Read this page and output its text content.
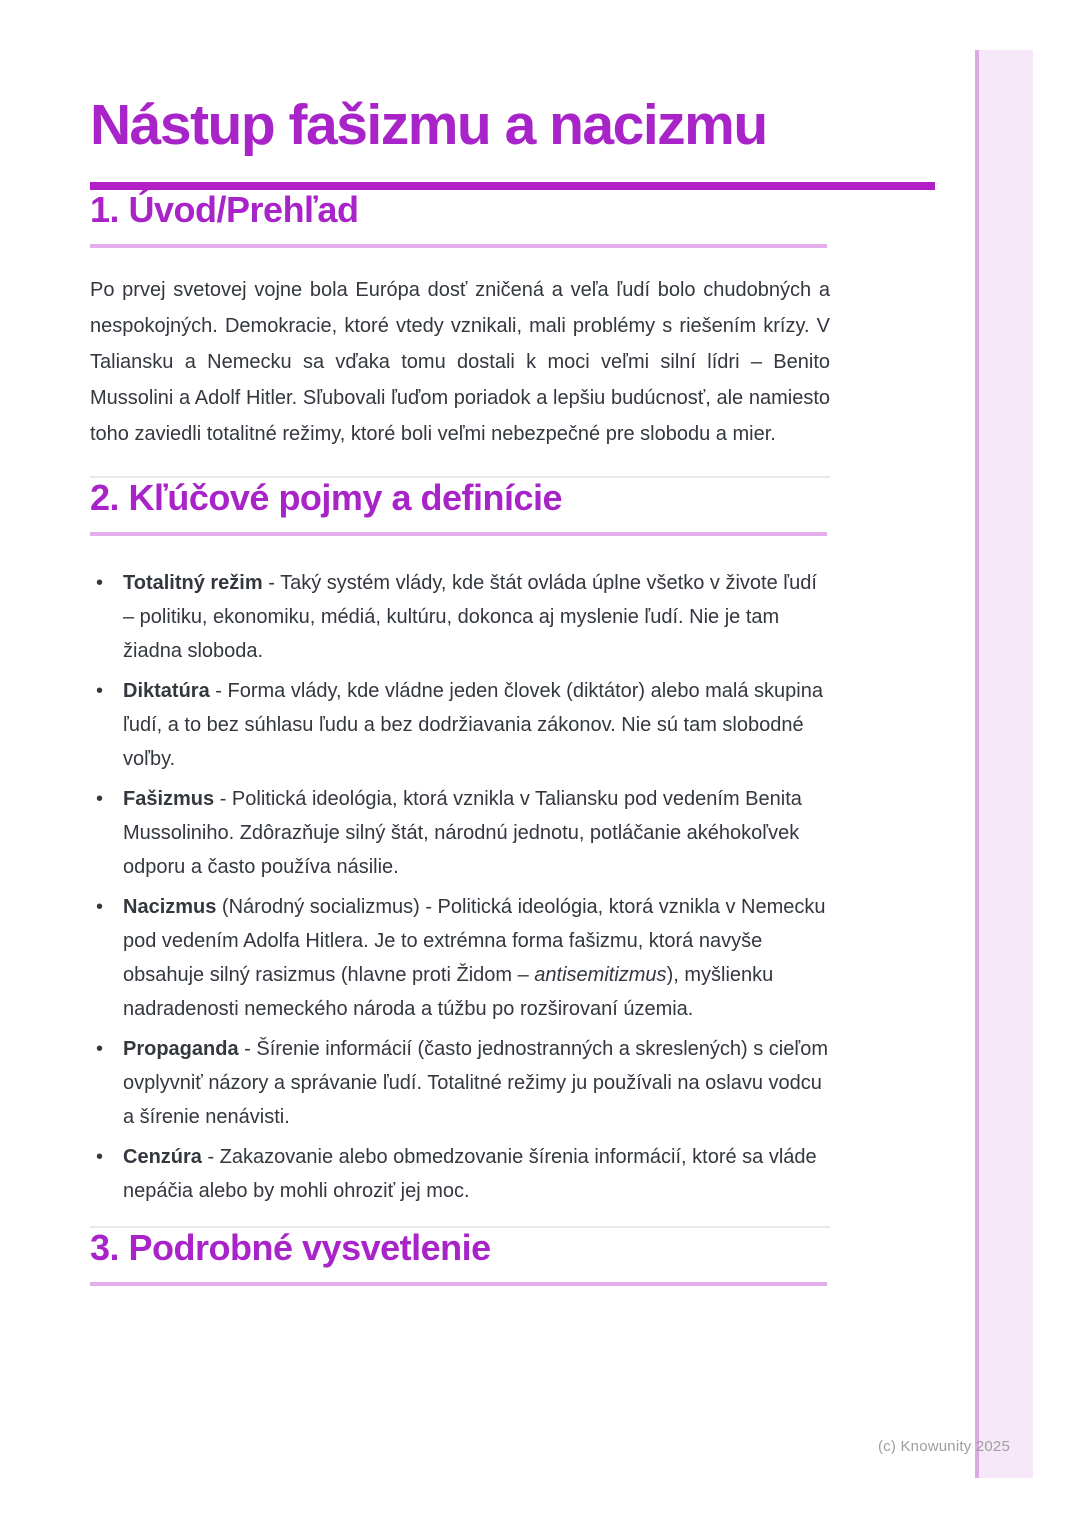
Nástup fašizmu a nacizmu
1. Úvod/Prehľad

Po prvej svetovej vojne bola Európa dosť zničená a veľa ľudí bolo chudobných a nespokojných. Demokracie, ktoré vtedy vznikali, mali problémy s riešením krízy. V Taliansku a Nemecku sa vďaka tomu dostali k moci veľmi silní lídri – Benito Mussolini a Adolf Hitler. Sľubovali ľuďom poriadok a lepšiu budúcnosť, ale namiesto toho zaviedli totalitné režimy, ktoré boli veľmi nebezpečné pre slobodu a mier.

2. Kľúčové pojmy a definície
• Totalitný režim - Taký systém vlády, kde štát ovláda úplne všetko v živote ľudí – politiku, ekonomiku, médiá, kultúru, dokonca aj myslenie ľudí. Nie je tam žiadna sloboda.
• Diktatúra - Forma vlády, kde vládne jeden človek (diktátor) alebo malá skupina ľudí, a to bez súhlasu ľudu a bez dodržiavania zákonov. Nie sú tam slobodné voľby.
• Fašizmus - Politická ideológia, ktorá vznikla v Taliansku pod vedením Benita Mussoliniho. Zdôrazňuje silný štát, národnú jednotu, potláčanie akéhokoľvek odporu a často používa násilie.
• Nacizmus (Národný socializmus) - Politická ideológia, ktorá vznikla v Nemecku pod vedením Adolfa Hitlera. Je to extrémna forma fašizmu, ktorá navyše obsahuje silný rasizmus (hlavne proti Židom – antisemitizmus), myšlienku nadradenosti nemeckého národa a túžbu po rozširovaní územia.
• Propaganda - Šírenie informácií (často jednostranných a skreslených) s cieľom ovplyvniť názory a správanie ľudí. Totalitné režimy ju používali na oslavu vodcu a šírenie nenávisti.
• Cenzúra - Zakazovanie alebo obmedzovanie šírenia informácií, ktoré sa vláde nepáčia alebo by mohli ohroziť jej moc.
3. Podrobné vysvetlenie
(c) Knowunity 2025
